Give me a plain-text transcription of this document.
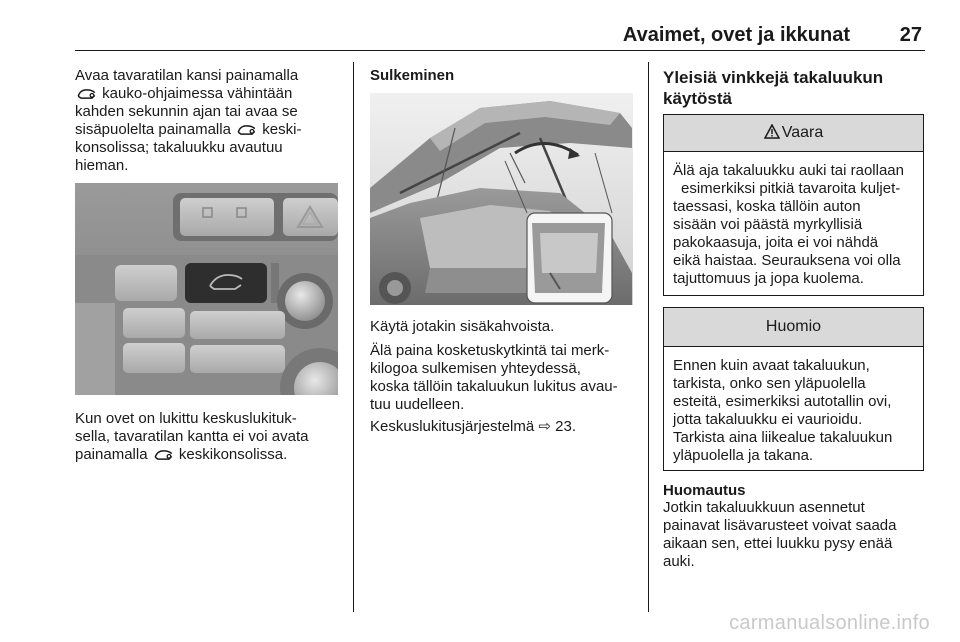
Avaimet, ovet ja ikkunat	27
Avaa tavaratilan kansi painamalla
kauko-ohjaimessa vähintään
kahden sekunnin ajan tai avaa se
sisäpuolelta painamalla keski-
konsolissa; takaluukku avautuu
hieman.
Kun ovet on lukittu keskuslukituk-
sella, tavaratilan kantta ei voi avata
painamalla keskikonsolissa.
Sulkeminen
Käytä jotakin sisäkahvoista.
Älä paina kosketuskytkintä tai merk-
kilogoa sulkemisen yhteydessä,
koska tällöin takaluukun lukitus avau-
tuu uudelleen.
Keskuslukitusjärjestelmä ⇨ 23.
Yleisiä vinkkejä takaluukun
käytöstä
Vaara
Älä aja takaluukku auki tai raollaan
esimerkiksi pitkiä tavaroita kuljet-
taessasi, koska tällöin auton
sisään voi päästä myrkyllisiä
pakokaasuja, joita ei voi nähdä
eikä haistaa. Seurauksena voi olla
tajuttomuus ja jopa kuolema.
Huomio
Ennen kuin avaat takaluukun,
tarkista, onko sen yläpuolella
esteitä, esimerkiksi autotallin ovi,
jotta takaluukku ei vaurioidu.
Tarkista aina liikealue takaluukun
yläpuolella ja takana.
Huomautus
Jotkin takaluukkuun asennetut
painavat lisävarusteet voivat saada
aikaan sen, ettei luukku pysy enää
auki.
carmanualsonline.info
